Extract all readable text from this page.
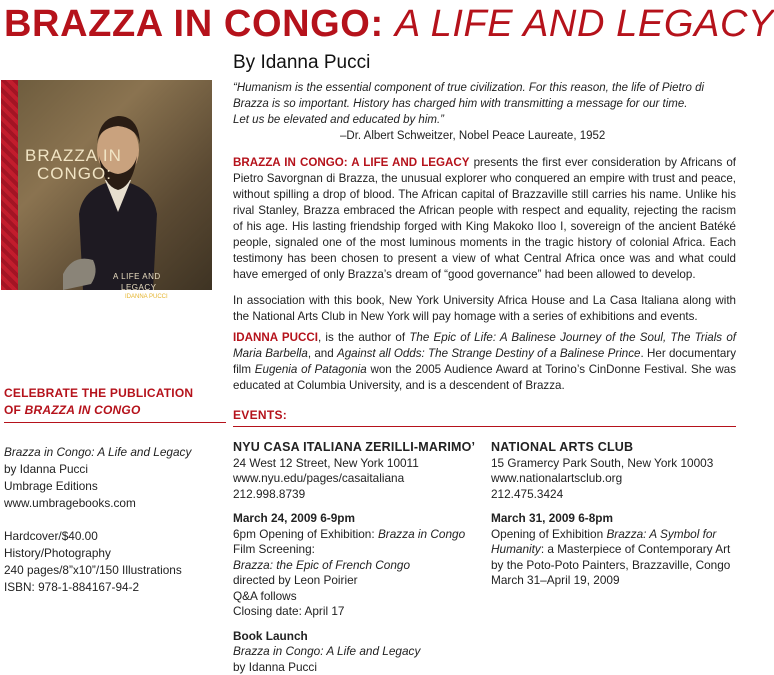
BRAZZA IN CONGO: A LIFE AND LEGACY
By Idanna Pucci
“Humanism is the essential component of true civilization. For this reason, the life of Pietro di
Brazza is so important. History has charged him with transmitting a message for our time.
Let us be elevated and educated by him.”
–Dr. Albert Schweitzer, Nobel Peace Laureate, 1952
BRAZZA IN CONGO: A LIFE AND LEGACY presents the first ever consideration by Africans of Pietro Savorgnan di Brazza, the unusual explorer who conquered an empire with trust and peace, without spilling a drop of blood. The African capital of Brazzaville still carries his name. Unlike his rival Stanley, Brazza embraced the African people with respect and equality, rejecting the racism of his age. His lasting friendship forged with King Makoko Iloo I, sovereign of the ancient Batéké people, signaled one of the most luminous moments in the tragic history of colonial Africa. Each testimony has been chosen to present a view of what Central Africa once was and what could have emerged of only Brazza’s dream of “good governance” had been allowed to develop.
In association with this book, New York University Africa House and La Casa Italiana along with the National Arts Club in New York will pay homage with a series of exhibitions and events.
IDANNA PUCCI, is the author of The Epic of Life: A Balinese Journey of the Soul, The Trials of Maria Barbella, and Against all Odds: The Strange Destiny of a Balinese Prince. Her documentary film Eugenia of Patagonia won the 2005 Audience Award at Torino’s CinDonne Festival. She was educated at Columbia University, and is a descendent of Brazza.
EVENTS:
NYU CASA ITALIANA ZERILLI-MARIMO’
24 West 12 Street, New York 10011
www.nyu.edu/pages/casaitaliana
212.998.8739
March 24, 2009 6-9pm
6pm Opening of Exhibition: Brazza in Congo
Film Screening:
Brazza: the Epic of French Congo
directed by Leon Poirier
Q&A follows
Closing date: April 17
Book Launch
Brazza in Congo: A Life and Legacy
by Idanna Pucci
NATIONAL ARTS CLUB
15 Gramercy Park South, New York 10003
www.nationalartsclub.org
212.475.3424
March 31, 2009 6-8pm
Opening of Exhibition Brazza: A Symbol for Humanity: a Masterpiece of Contemporary Art by the Poto-Poto Painters, Brazzaville, Congo
March 31–April 19, 2009
BRAZZA IN
CONGO:
A LIFE AND
LEGACY
IDANNA PUCCI
CELEBRATE THE PUBLICATION
OF BRAZZA IN CONGO
Brazza in Congo: A Life and Legacy
by Idanna Pucci
Umbrage Editions
www.umbragebooks.com
Hardcover/$40.00
History/Photography
240 pages/8”x10”/150 Illustrations
ISBN: 978-1-884167-94-2
